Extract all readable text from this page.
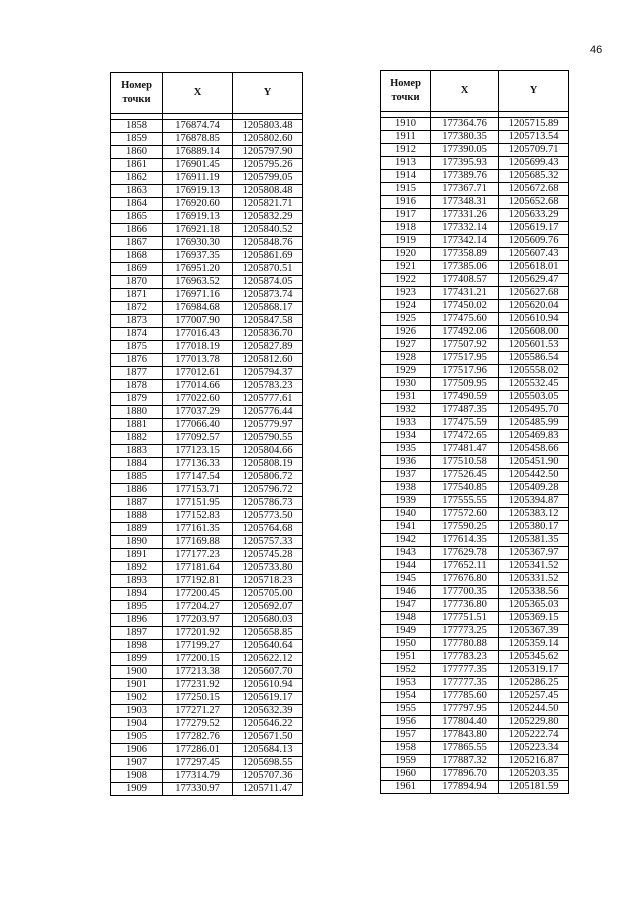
46
Номер точки	X	Y

1858	176874.74	1205803.48
1859	176878.85	1205802.60
1860	176889.14	1205797.90
1861	176901.45	1205795.26
1862	176911.19	1205799.05
1863	176919.13	1205808.48
1864	176920.60	1205821.71
1865	176919.13	1205832.29
1866	176921.18	1205840.52
1867	176930.30	1205848.76
1868	176937.35	1205861.69
1869	176951.20	1205870.51
1870	176963.52	1205874.05
1871	176971.16	1205873.74
1872	176984.68	1205868.17
1873	177007.90	1205847.58
1874	177016.43	1205836.70
1875	177018.19	1205827.89
1876	177013.78	1205812.60
1877	177012.61	1205794.37
1878	177014.66	1205783.23
1879	177022.60	1205777.61
1880	177037.29	1205776.44
1881	177066.40	1205779.97
1882	177092.57	1205790.55
1883	177123.15	1205804.66
1884	177136.33	1205808.19
1885	177147.54	1205806.72
1886	177153.71	1205796.72
1887	177151.95	1205786.73
1888	177152.83	1205773.50
1889	177161.35	1205764.68
1890	177169.88	1205757.33
1891	177177.23	1205745.28
1892	177181.64	1205733.80
1893	177192.81	1205718.23
1894	177200.45	1205705.00
1895	177204.27	1205692.07
1896	177203.97	1205680.03
1897	177201.92	1205658.85
1898	177199.27	1205640.64
1899	177200.15	1205622.12
1900	177213.38	1205607.70
1901	177231.92	1205610.94
1902	177250.15	1205619.17
1903	177271.27	1205632.39
1904	177279.52	1205646.22
1905	177282.76	1205671.50
1906	177286.01	1205684.13
1907	177297.45	1205698.55
1908	177314.79	1205707.36
1909	177330.97	1205711.47
Номер точки	X	Y

1910	177364.76	1205715.89
1911	177380.35	1205713.54
1912	177390.05	1205709.71
1913	177395.93	1205699.43
1914	177389.76	1205685.32
1915	177367.71	1205672.68
1916	177348.31	1205652.68
1917	177331.26	1205633.29
1918	177332.14	1205619.17
1919	177342.14	1205609.76
1920	177358.89	1205607.43
1921	177385.06	1205618.01
1922	177408.57	1205629.47
1923	177431.21	1205627.68
1924	177450.02	1205620.04
1925	177475.60	1205610.94
1926	177492.06	1205608.00
1927	177507.92	1205601.53
1928	177517.95	1205586.54
1929	177517.96	1205558.02
1930	177509.95	1205532.45
1931	177490.59	1205503.05
1932	177487.35	1205495.70
1933	177475.59	1205485.99
1934	177472.65	1205469.83
1935	177481.47	1205458.66
1936	177510.58	1205451.90
1937	177526.45	1205442.50
1938	177540.85	1205409.28
1939	177555.55	1205394.87
1940	177572.60	1205383.12
1941	177590.25	1205380.17
1942	177614.35	1205381.35
1943	177629.78	1205367.97
1944	177652.11	1205341.52
1945	177676.80	1205331.52
1946	177700.35	1205338.56
1947	177736.80	1205365.03
1948	177751.51	1205369.15
1949	177773.25	1205367.39
1950	177780.88	1205359.14
1951	177783.23	1205345.62
1952	177777.35	1205319.17
1953	177777.35	1205286.25
1954	177785.60	1205257.45
1955	177797.95	1205244.50
1956	177804.40	1205229.80
1957	177843.80	1205222.74
1958	177865.55	1205223.34
1959	177887.32	1205216.87
1960	177896.70	1205203.35
1961	177894.94	1205181.59
